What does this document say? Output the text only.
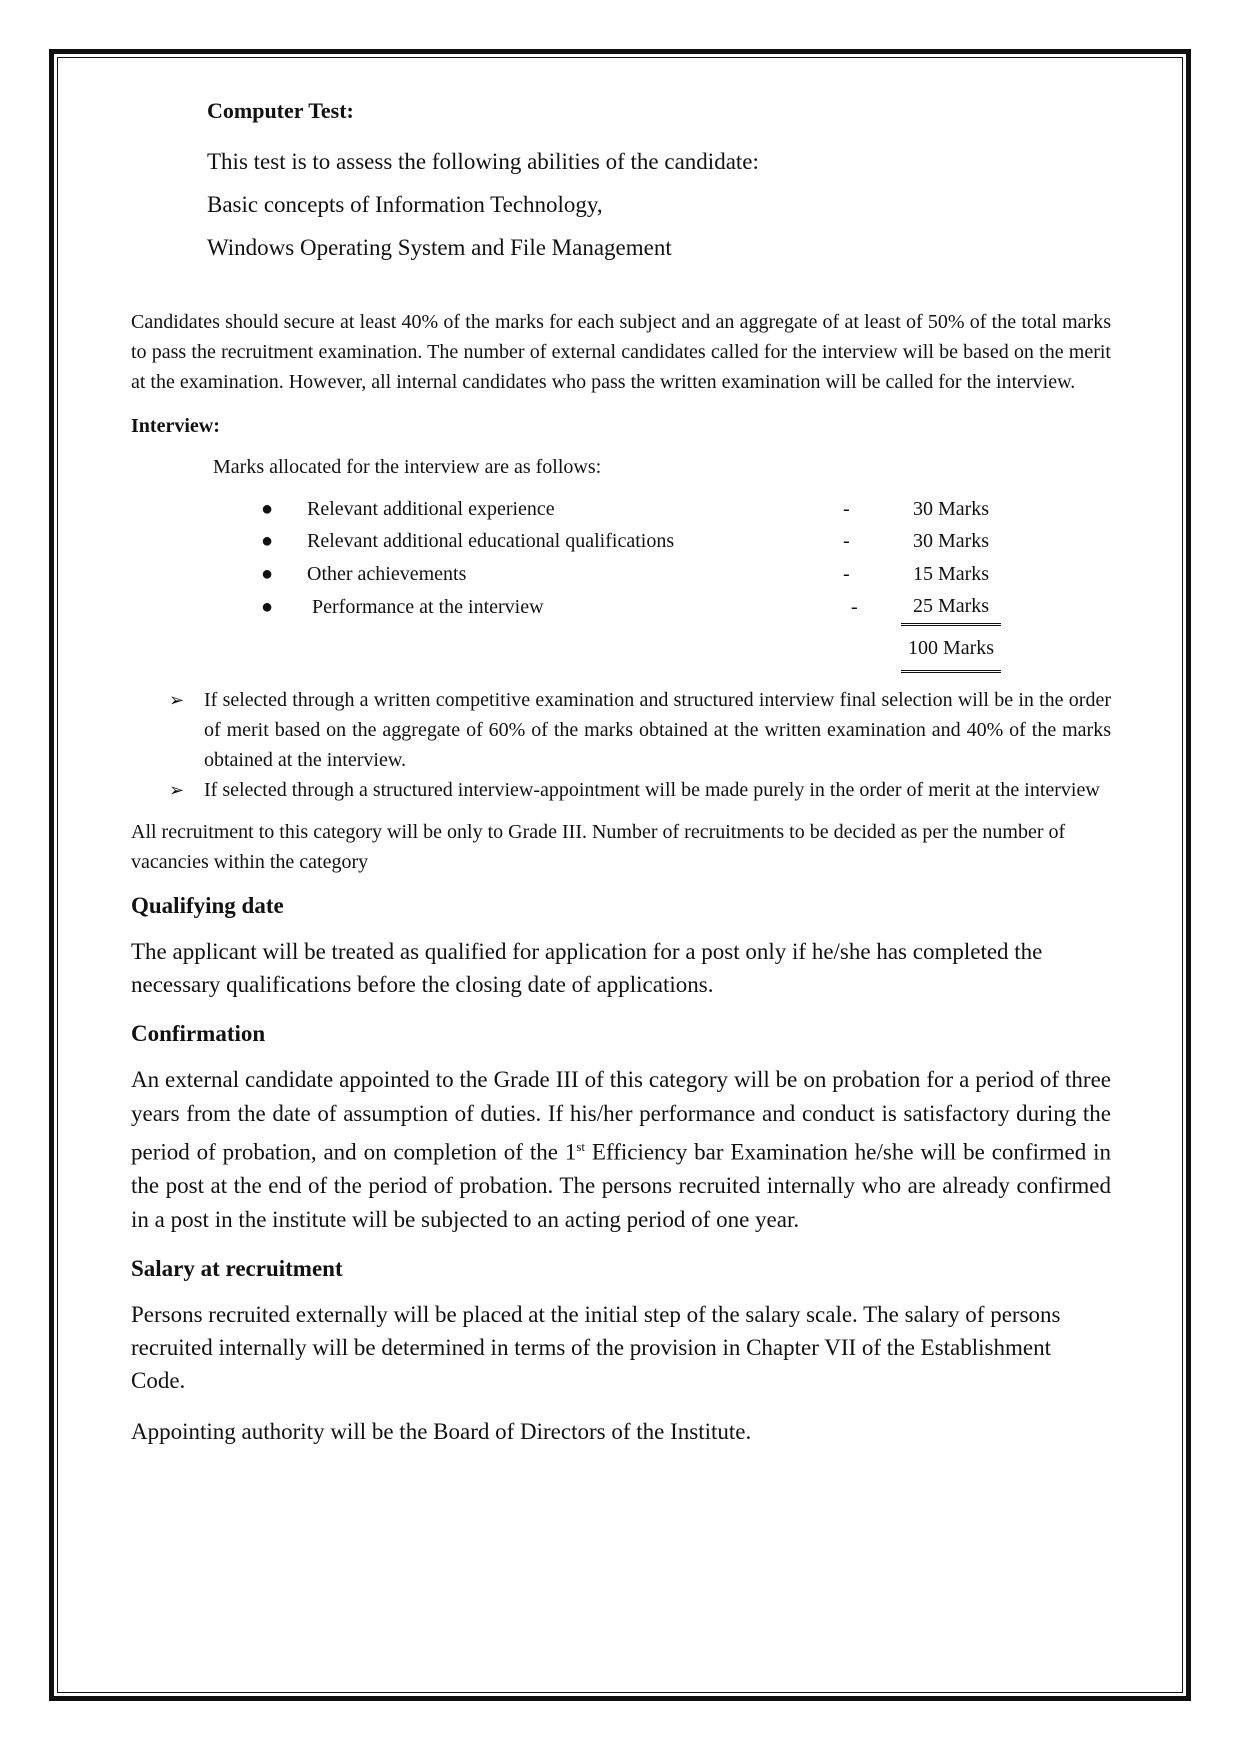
Computer Test:
This test is to assess the following abilities of the candidate:
Basic concepts of Information Technology,
Windows Operating System and File Management

Candidates should secure at least 40% of the marks for each subject and an aggregate of at least of 50% of the total marks to pass the recruitment examination. The number of external candidates called for the interview will be based on the merit at the examination. However, all internal candidates who pass the written examination will be called for the interview.

Interview:
Marks allocated for the interview are as follows:
●	Relevant additional experience	-	30 Marks	
●	Relevant additional educational qualifications	-	30 Marks	
●	Other achievements	-	15 Marks	
●	Performance at the interview	-	25 Marks	
			100 Marks	
➢ If selected through a written competitive examination and structured interview final selection will be in the order of merit based on the aggregate of 60% of the marks obtained at the written examination and 40% of the marks obtained at the interview.
➢ If selected through a structured interview-appointment will be made purely in the order of merit at the interview

All recruitment to this category will be only to Grade III. Number of recruitments to be decided as per the number of vacancies within the category

Qualifying date

The applicant will be treated as qualified for application for a post only if he/she has completed the necessary qualifications before the closing date of applications.

Confirmation

An external candidate appointed to the Grade III of this category will be on probation for a period of three years from the date of assumption of duties. If his/her performance and conduct is satisfactory during the period of probation, and on completion of the 1st Efficiency bar Examination he/she will be confirmed in the post at the end of the period of probation. The persons recruited internally who are already confirmed in a post in the institute will be subjected to an acting period of one year.

Salary at recruitment

Persons recruited externally will be placed at the initial step of the salary scale. The salary of persons recruited internally will be determined in terms of the provision in Chapter VII of the Establishment Code.

Appointing authority will be the Board of Directors of the Institute.
